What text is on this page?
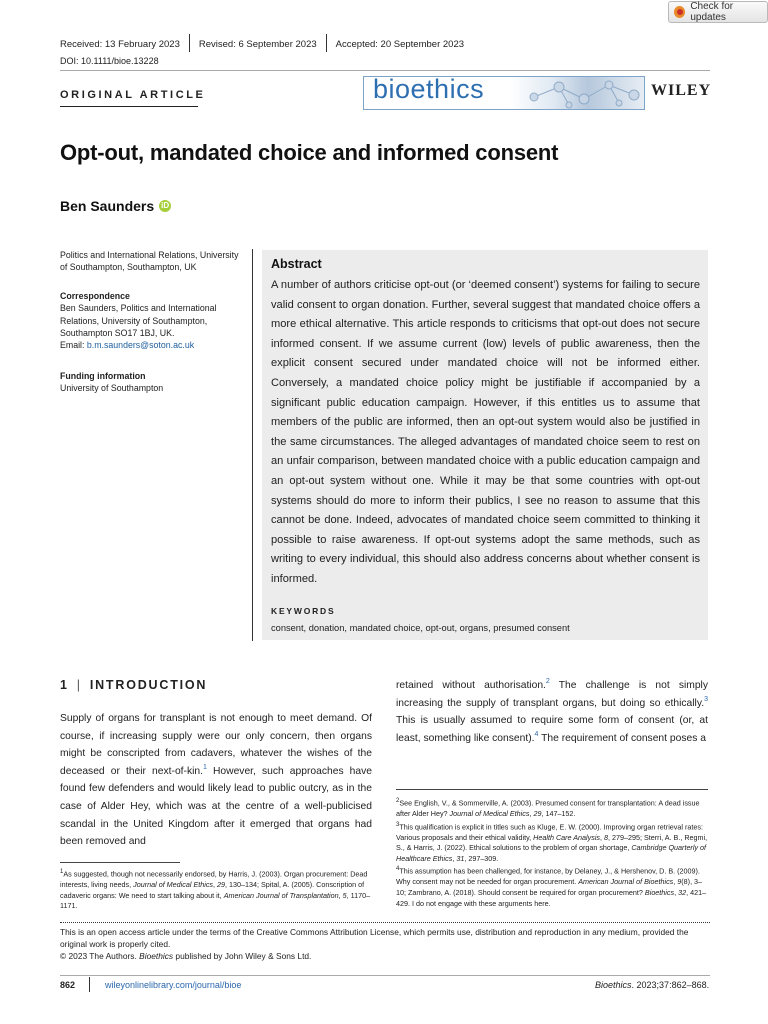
Check for updates
Received: 13 February 2023	Revised: 6 September 2023	Accepted: 20 September 2023
DOI: 10.1111/bioe.13228
ORIGINAL ARTICLE	bioethics	WILEY
Opt-out, mandated choice and informed consent
Ben Saunders iD
Politics and International Relations, University of Southampton, Southampton, UK
Correspondence
Ben Saunders, Politics and International Relations, University of Southampton, Southampton SO17 1BJ, UK.
Email: b.m.saunders@soton.ac.uk
Funding information
University of Southampton
Abstract
A number of authors criticise opt-out (or ‘deemed consent’) systems for failing to secure valid consent to organ donation. Further, several suggest that mandated choice offers a more ethical alternative. This article responds to criticisms that opt-out does not secure informed consent. If we assume current (low) levels of public awareness, then the explicit consent secured under mandated choice will not be informed either. Conversely, a mandated choice policy might be justifiable if accompanied by a significant public education campaign. However, if this entitles us to assume that members of the public are informed, then an opt-out system would also be justified in the same circumstances. The alleged advantages of mandated choice seem to rest on an unfair comparison, between mandated choice with a public education campaign and an opt-out system without one. While it may be that some countries with opt-out systems should do more to inform their publics, I see no reason to assume that this cannot be done. Indeed, advocates of mandated choice seem committed to thinking it possible to raise awareness. If opt-out systems adopt the same methods, such as writing to every individual, this should also address concerns about whether consent is informed.
KEYWORDS
consent, donation, mandated choice, opt-out, organs, presumed consent
1 | INTRODUCTION
Supply of organs for transplant is not enough to meet demand. Of course, if increasing supply were our only concern, then organs might be conscripted from cadavers, whatever the wishes of the deceased or their next-of-kin.$^1$ However, such approaches have found few defenders and would likely lead to public outcry, as in the case of Alder Hey, which was at the centre of a well-publicised scandal in the United Kingdom after it emerged that organs had been removed and
retained without authorisation.$^2$ The challenge is not simply increasing the supply of transplant organs, but doing so ethically.$^3$ This is usually assumed to require some form of consent (or, at least, something like consent).$^4$ The requirement of consent poses a
$^1$As suggested, though not necessarily endorsed, by Harris, J. (2003). Organ procurement: Dead interests, living needs, Journal of Medical Ethics, 29, 130–134; Spital, A. (2005). Conscription of cadaveric organs: We need to start talking about it, American Journal of Transplantation, 5, 1170–1171.
$^2$See English, V., & Sommerville, A. (2003). Presumed consent for transplantation: A dead issue after Alder Hey? Journal of Medical Ethics, 29, 147–152.
$^3$This qualification is explicit in titles such as Kluge, E. W. (2000). Improving organ retrieval rates: Various proposals and their ethical validity, Health Care Analysis, 8, 279–295; Sterri, A. B., Regmi, S., & Harris, J. (2022). Ethical solutions to the problem of organ shortage, Cambridge Quarterly of Healthcare Ethics, 31, 297–309.
$^4$This assumption has been challenged, for instance, by Delaney, J., & Hershenov, D. B. (2009). Why consent may not be needed for organ procurement. American Journal of Bioethics, 9(8), 3–10; Zambrano, A. (2018). Should consent be required for organ procurement? Bioethics, 32, 421–429. I do not engage with these arguments here.
This is an open access article under the terms of the Creative Commons Attribution License, which permits use, distribution and reproduction in any medium, provided the original work is properly cited.
© 2023 The Authors. Bioethics published by John Wiley & Sons Ltd.
862	wileyonlinelibrary.com/journal/bioe	Bioethics. 2023;37:862–868.
